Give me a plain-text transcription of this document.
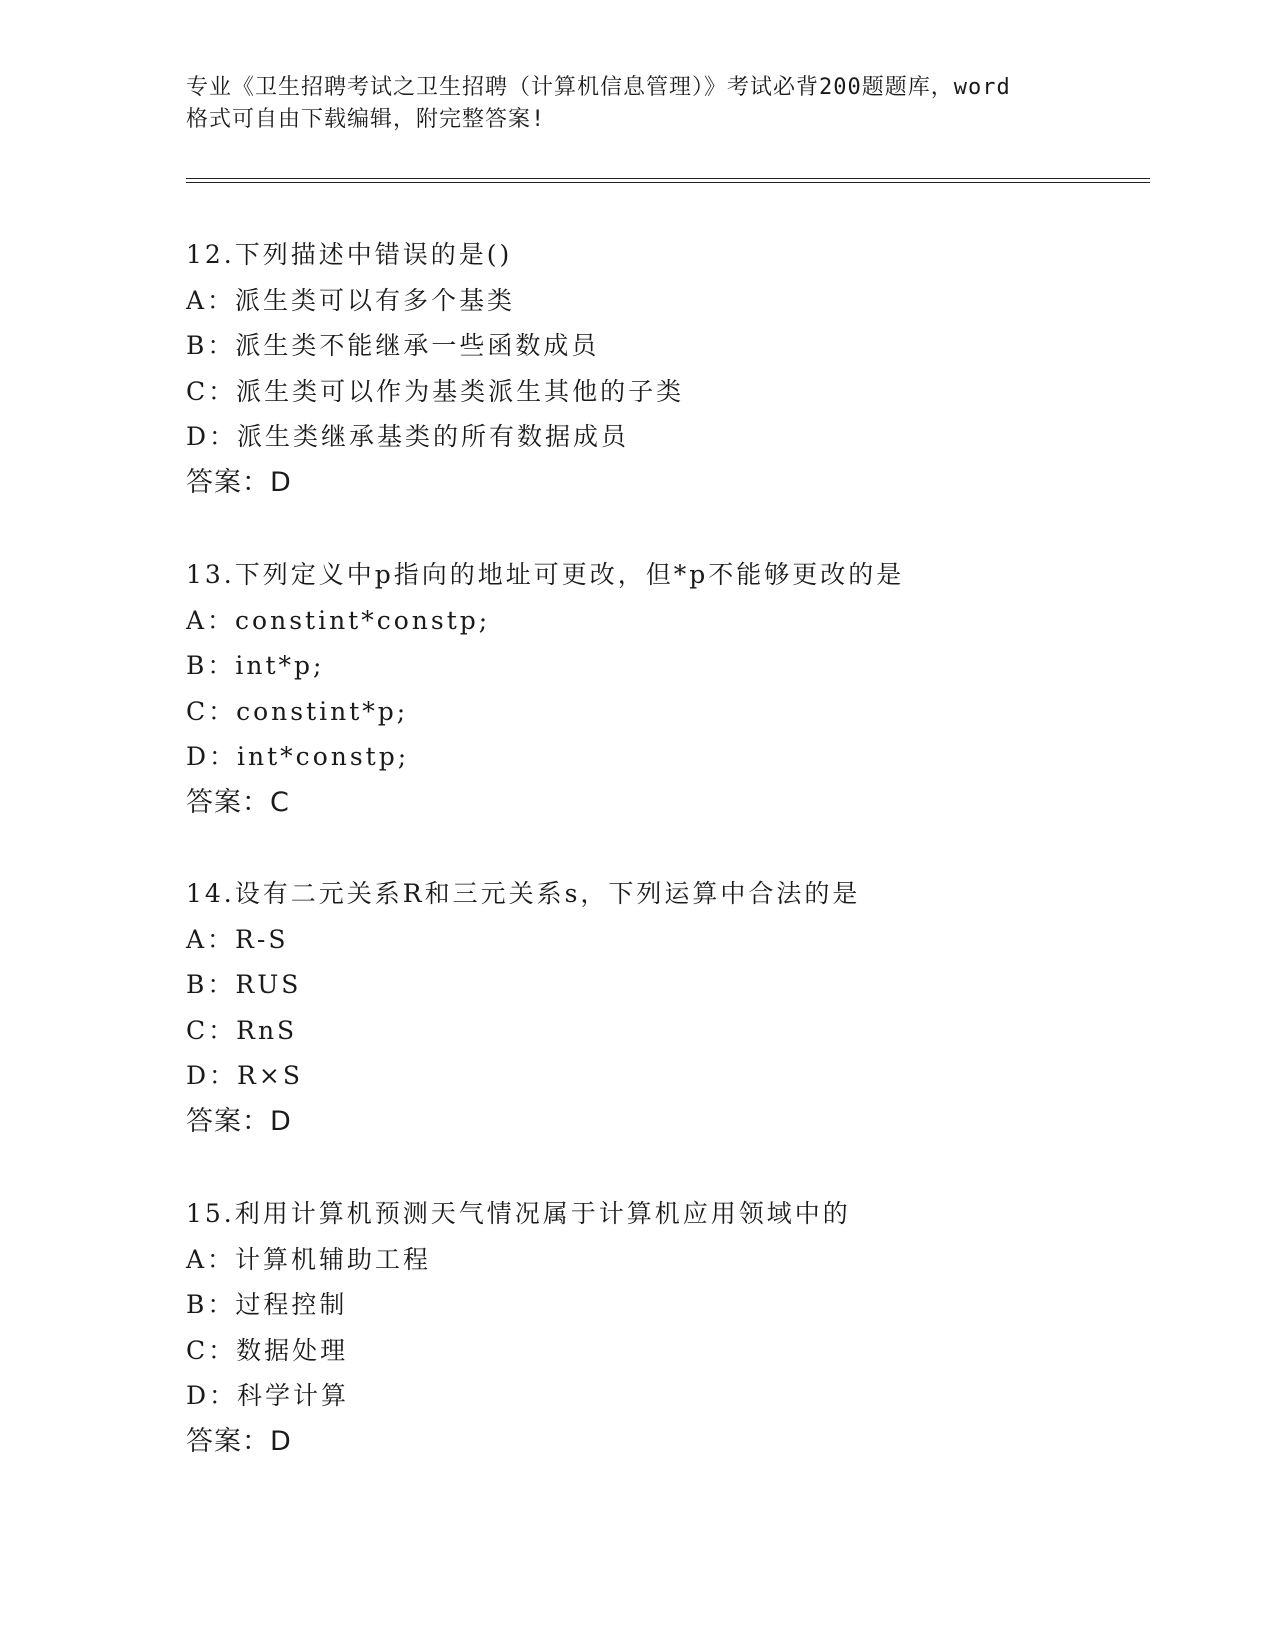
专业《卫生招聘考试之卫生招聘（计算机信息管理）》考试必背200题题库，word

格式可自由下载编辑，附完整答案!

12.下列描述中错误的是()
A：派生类可以有多个基类
B：派生类不能继承一些函数成员
C：派生类可以作为基类派生其他的子类
D：派生类继承基类的所有数据成员
答案：D
13.下列定义中p指向的地址可更改，但*p不能够更改的是
A：constint*constp;
B：int*p;
C：constint*p;
D：int*constp;
答案：C
14.设有二元关系R和三元关系s，下列运算中合法的是
A：R-S
B：RUS
C：RnS
D：R×S
答案：D
15.利用计算机预测天气情况属于计算机应用领域中的
A：计算机辅助工程
B：过程控制
C：数据处理
D：科学计算
答案：D
